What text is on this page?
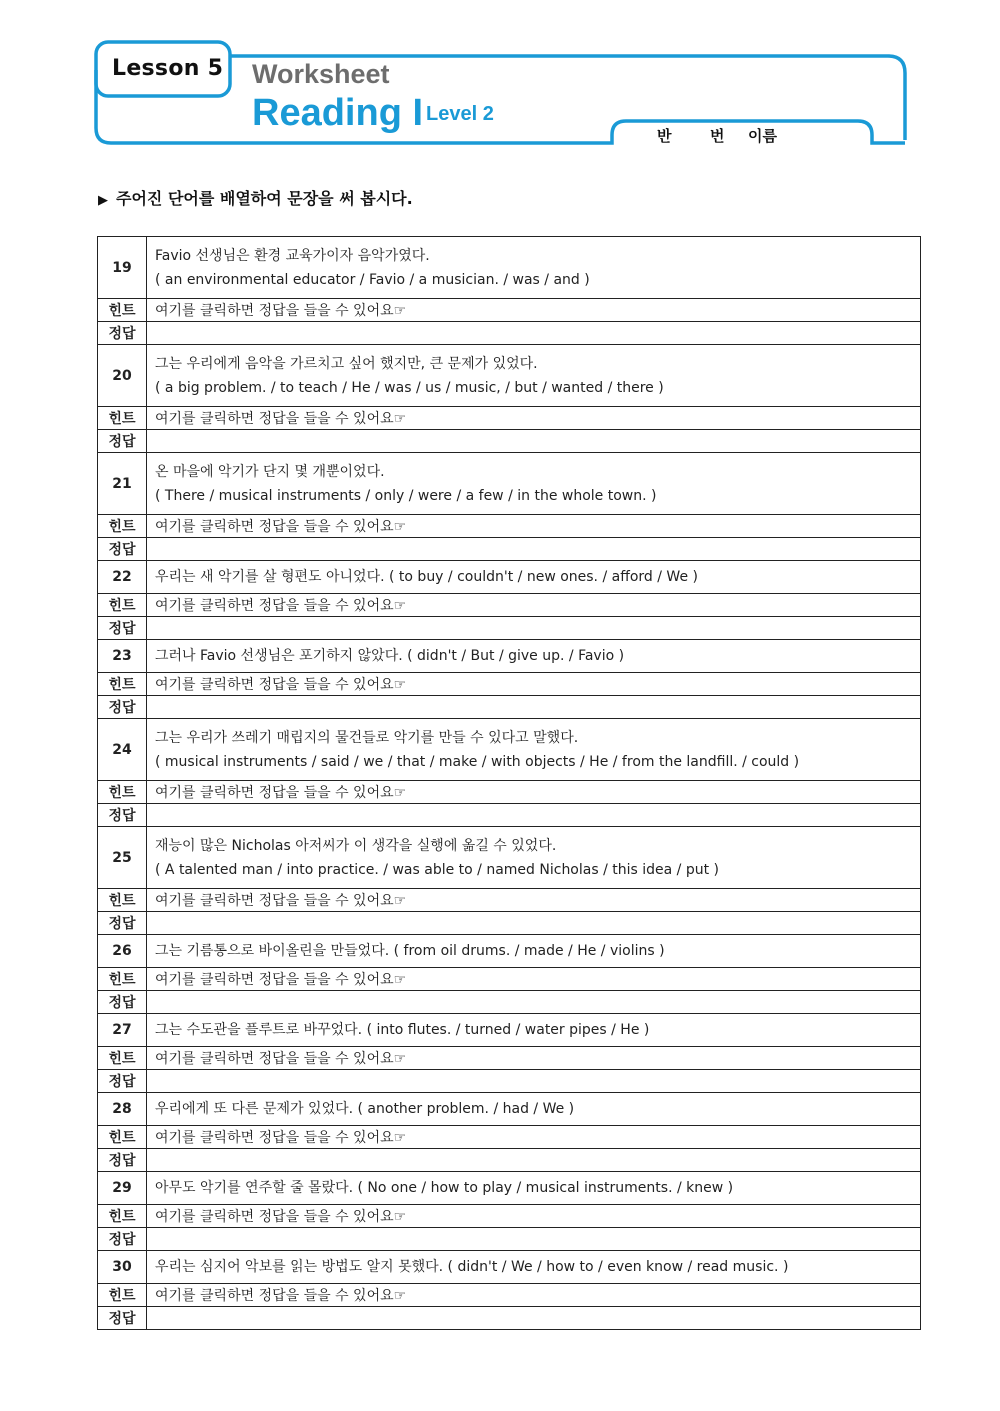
Lesson 5 Worksheet
Reading I Level 2
반	번 이름
▶ 주어진 단어를 배열하여 문장을 써 봅시다.
19	Favio 선생님은 환경 교육가이자 음악가였다.
( an environmental educator / Favio / a musician. / was / and )

힌트	여기를 클릭하면 정답을 들을 수 있어요☞
정답	
20	그는 우리에게 음악을 가르치고 싶어 했지만, 큰 문제가 있었다.
( a big problem. / to teach / He / was / us / music, / but / wanted / there )

힌트	여기를 클릭하면 정답을 들을 수 있어요☞
정답	
21	온 마을에 악기가 단지 몇 개뿐이었다.
( There / musical instruments / only / were / a few / in the whole town. )

힌트	여기를 클릭하면 정답을 들을 수 있어요☞
정답	
22	우리는 새 악기를 살 형편도 아니었다. ( to buy / couldn't / new ones. / afford / We )

힌트	여기를 클릭하면 정답을 들을 수 있어요☞
정답	
23	그러나 Favio 선생님은 포기하지 않았다. ( didn't / But / give up. / Favio )

힌트	여기를 클릭하면 정답을 들을 수 있어요☞
정답	
24	그는 우리가 쓰레기 매립지의 물건들로 악기를 만들 수 있다고 말했다.
( musical instruments / said / we / that / make / with objects / He / from the landfill. / could )

힌트	여기를 클릭하면 정답을 들을 수 있어요☞
정답	
25	재능이 많은 Nicholas 아저씨가 이 생각을 실행에 옮길 수 있었다.
( A talented man / into practice. / was able to / named Nicholas / this idea / put )

힌트	여기를 클릭하면 정답을 들을 수 있어요☞
정답	
26	그는 기름통으로 바이올린을 만들었다. ( from oil drums. / made / He / violins )

힌트	여기를 클릭하면 정답을 들을 수 있어요☞
정답	
27	그는 수도관을 플루트로 바꾸었다. ( into flutes. / turned / water pipes / He )

힌트	여기를 클릭하면 정답을 들을 수 있어요☞
정답	
28	우리에게 또 다른 문제가 있었다. ( another problem. / had / We )

힌트	여기를 클릭하면 정답을 들을 수 있어요☞
정답	
29	아무도 악기를 연주할 줄 몰랐다. ( No one / how to play / musical instruments. / knew )

힌트	여기를 클릭하면 정답을 들을 수 있어요☞
정답	
30	우리는 심지어 악보를 읽는 방법도 알지 못했다. ( didn't / We / how to / even know / read music. )

힌트	여기를 클릭하면 정답을 들을 수 있어요☞
정답	
